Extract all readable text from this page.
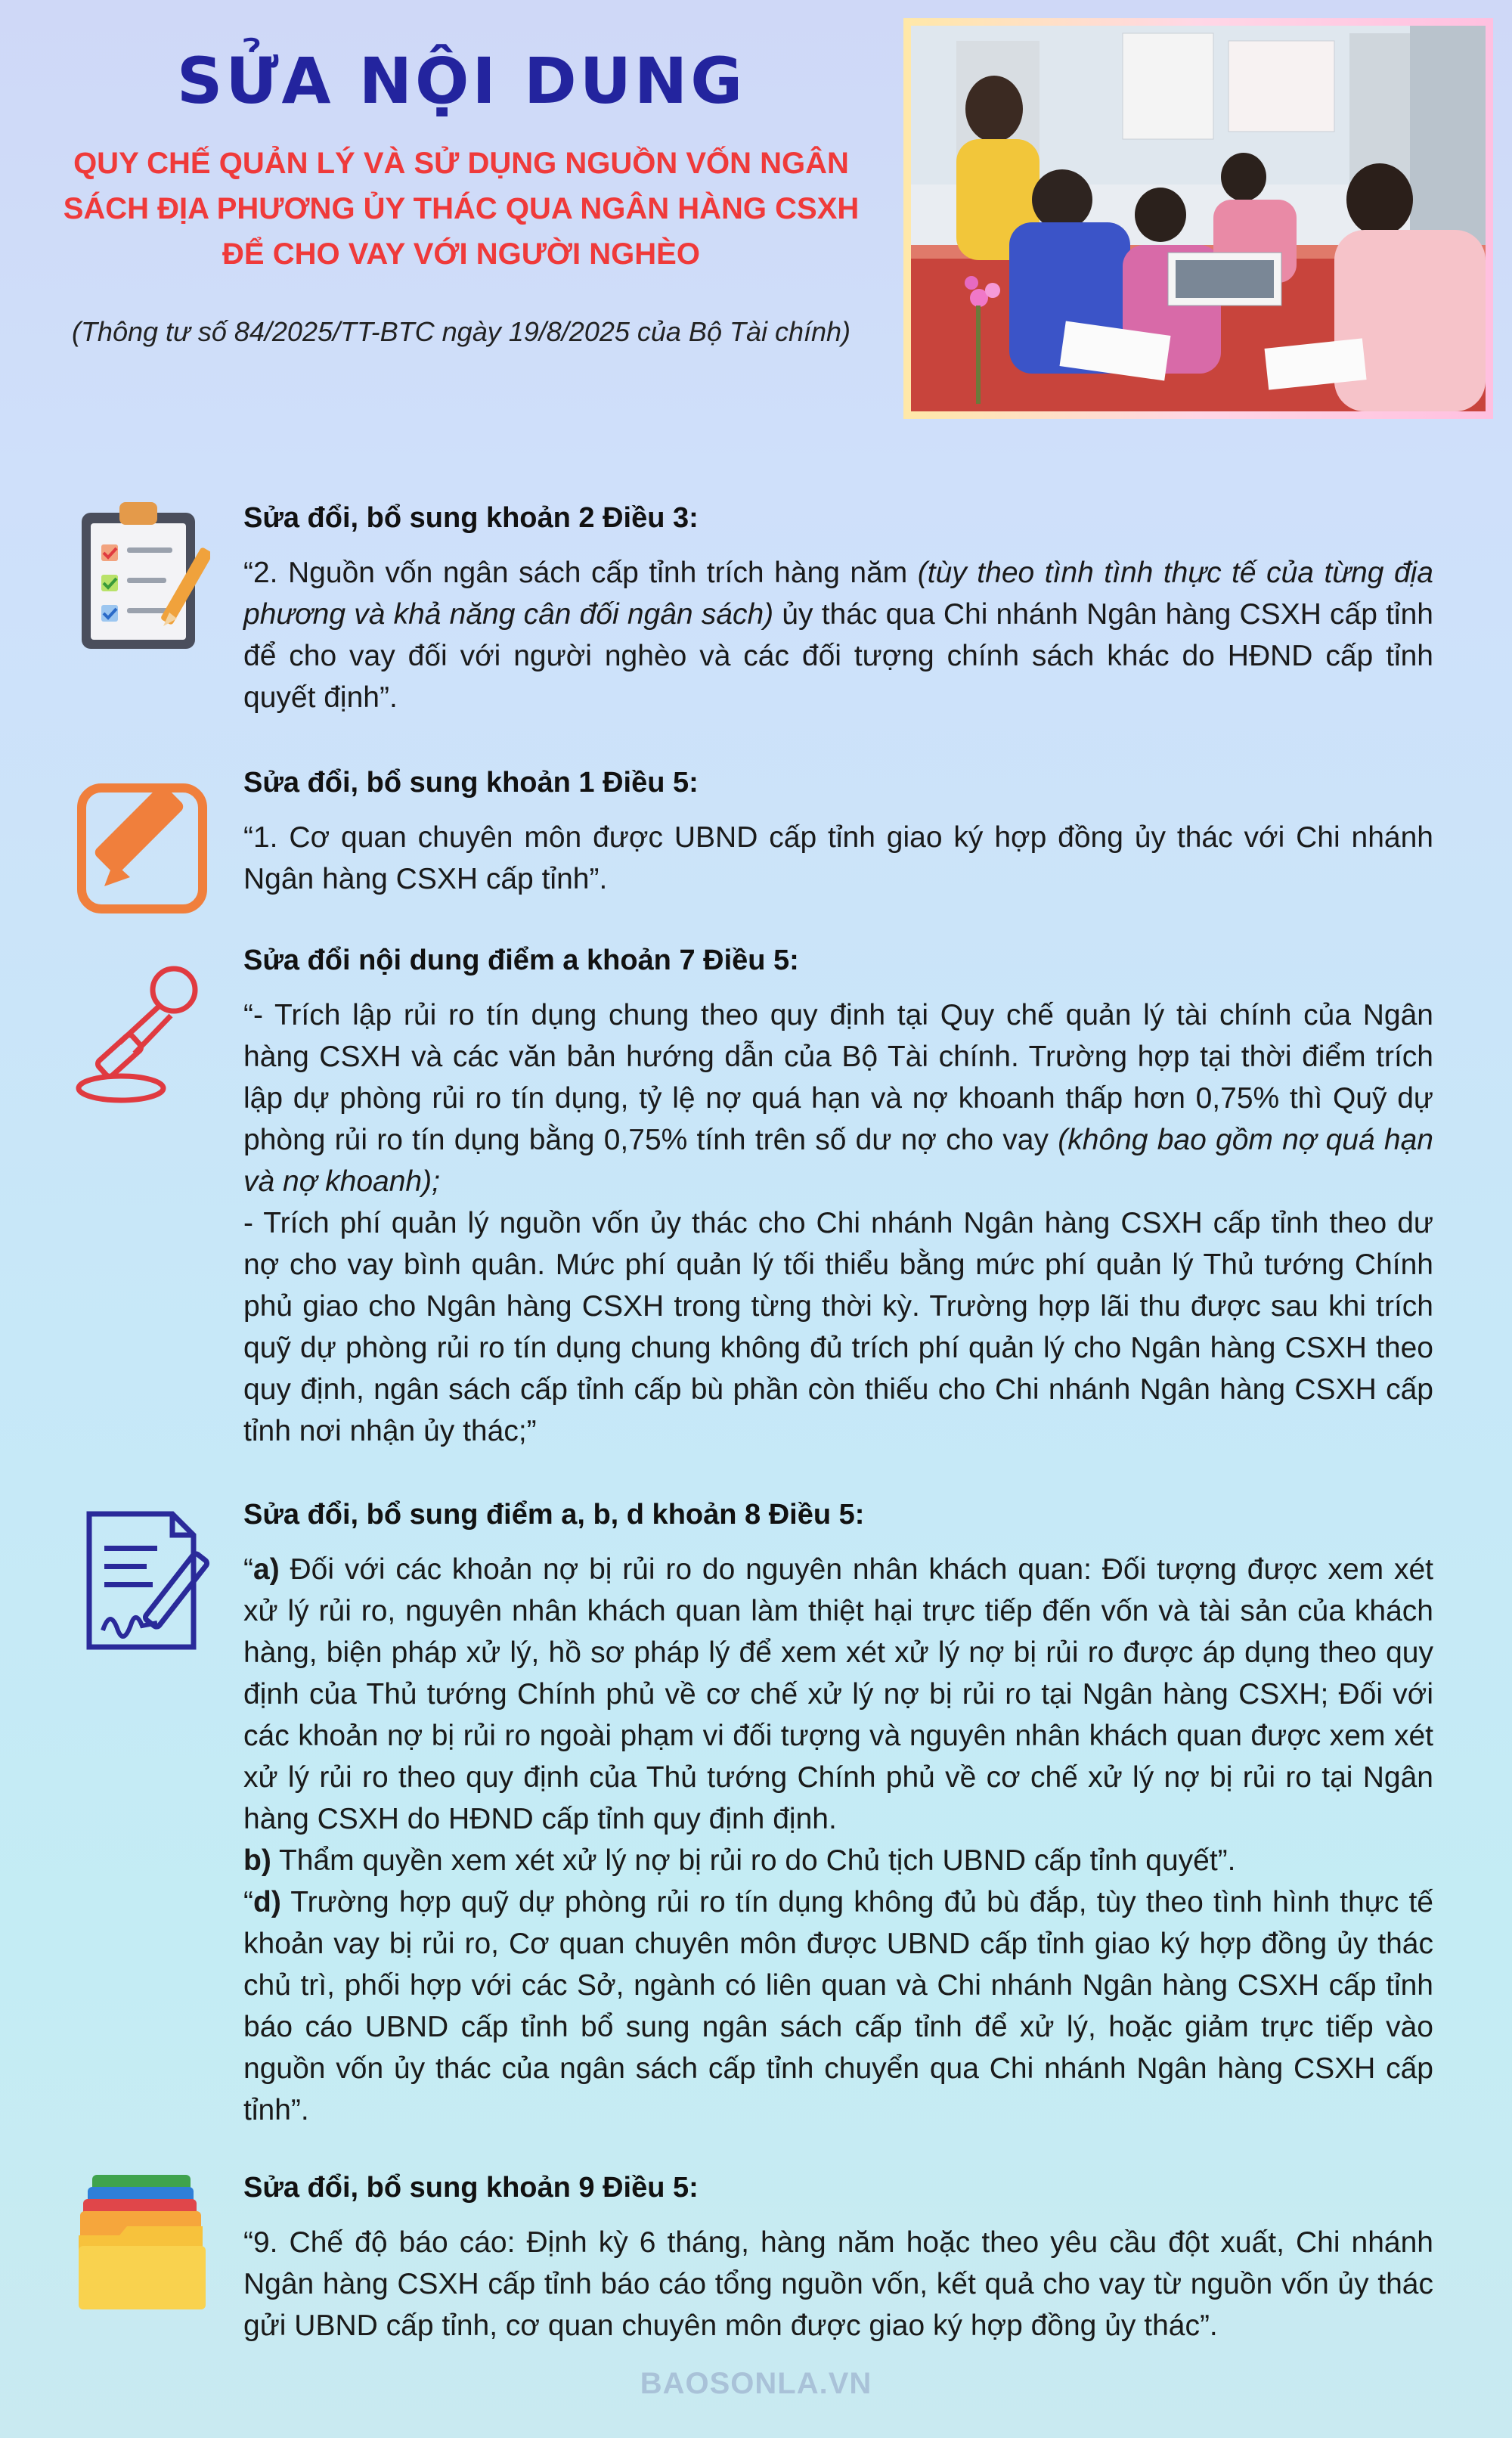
SỬA NỘI DUNG
QUY CHẾ QUẢN LÝ VÀ SỬ DỤNG NGUỒN VỐN NGÂN
SÁCH ĐỊA PHƯƠNG ỦY THÁC QUA NGÂN HÀNG CSXH
ĐỂ CHO VAY VỚI NGƯỜI NGHÈO
(Thông tư số 84/2025/TT-BTC ngày 19/8/2025 của Bộ Tài chính)
Sửa đổi, bổ sung khoản 2 Điều 3:

“2. Nguồn vốn ngân sách cấp tỉnh trích hàng năm (tùy theo tình tình thực tế của từng địa phương và khả năng cân đối ngân sách) ủy thác qua Chi nhánh Ngân hàng CSXH cấp tỉnh để cho vay đối với người nghèo và các đối tượng chính sách khác do HĐND cấp tỉnh quyết định”.

Sửa đổi, bổ sung khoản 1 Điều 5:

“1. Cơ quan chuyên môn được UBND cấp tỉnh giao ký hợp đồng ủy thác với Chi nhánh Ngân hàng CSXH cấp tỉnh”.

Sửa đổi nội dung điểm a khoản 7 Điều 5:

“- Trích lập rủi ro tín dụng chung theo quy định tại Quy chế quản lý tài chính của Ngân hàng CSXH và các văn bản hướng dẫn của Bộ Tài chính. Trường hợp tại thời điểm trích lập dự phòng rủi ro tín dụng, tỷ lệ nợ quá hạn và nợ khoanh thấp hơn 0,75% thì Quỹ dự phòng rủi ro tín dụng bằng 0,75% tính trên số dư nợ cho vay (không bao gồm nợ quá hạn và nợ khoanh);
- Trích phí quản lý nguồn vốn ủy thác cho Chi nhánh Ngân hàng CSXH cấp tỉnh theo dư nợ cho vay bình quân. Mức phí quản lý tối thiểu bằng mức phí quản lý Thủ tướng Chính phủ giao cho Ngân hàng CSXH trong từng thời kỳ. Trường hợp lãi thu được sau khi trích quỹ dự phòng rủi ro tín dụng chung không đủ trích phí quản lý cho Ngân hàng CSXH theo quy định, ngân sách cấp tỉnh cấp bù phần còn thiếu cho Chi nhánh Ngân hàng CSXH cấp tỉnh nơi nhận ủy thác;”

Sửa đổi, bổ sung điểm a, b, d khoản 8 Điều 5:

“a) Đối với các khoản nợ bị rủi ro do nguyên nhân khách quan: Đối tượng được xem xét xử lý rủi ro, nguyên nhân khách quan làm thiệt hại trực tiếp đến vốn và tài sản của khách hàng, biện pháp xử lý, hồ sơ pháp lý để xem xét xử lý nợ bị rủi ro được áp dụng theo quy định của Thủ tướng Chính phủ về cơ chế xử lý nợ bị rủi ro tại Ngân hàng CSXH; Đối với các khoản nợ bị rủi ro ngoài phạm vi đối tượng và nguyên nhân khách quan được xem xét xử lý rủi ro theo quy định của Thủ tướng Chính phủ về cơ chế xử lý nợ bị rủi ro tại Ngân hàng CSXH do HĐND cấp tỉnh quy định định.
b) Thẩm quyền xem xét xử lý nợ bị rủi ro do Chủ tịch UBND cấp tỉnh quyết”.
“d) Trường hợp quỹ dự phòng rủi ro tín dụng không đủ bù đắp, tùy theo tình hình thực tế khoản vay bị rủi ro, Cơ quan chuyên môn được UBND cấp tỉnh giao ký hợp đồng ủy thác chủ trì, phối hợp với các Sở, ngành có liên quan và Chi nhánh Ngân hàng CSXH cấp tỉnh báo cáo UBND cấp tỉnh bổ sung ngân sách cấp tỉnh để xử lý, hoặc giảm trực tiếp vào nguồn vốn ủy thác của ngân sách cấp tỉnh chuyển qua Chi nhánh Ngân hàng CSXH cấp tỉnh”.

Sửa đổi, bổ sung khoản 9 Điều 5:

“9. Chế độ báo cáo: Định kỳ 6 tháng, hàng năm hoặc theo yêu cầu đột xuất, Chi nhánh Ngân hàng CSXH cấp tỉnh báo cáo tổng nguồn vốn, kết quả cho vay từ nguồn vốn ủy thác gửi UBND cấp tỉnh, cơ quan chuyên môn được giao ký hợp đồng ủy thác”.

BAOSONLA.VN
